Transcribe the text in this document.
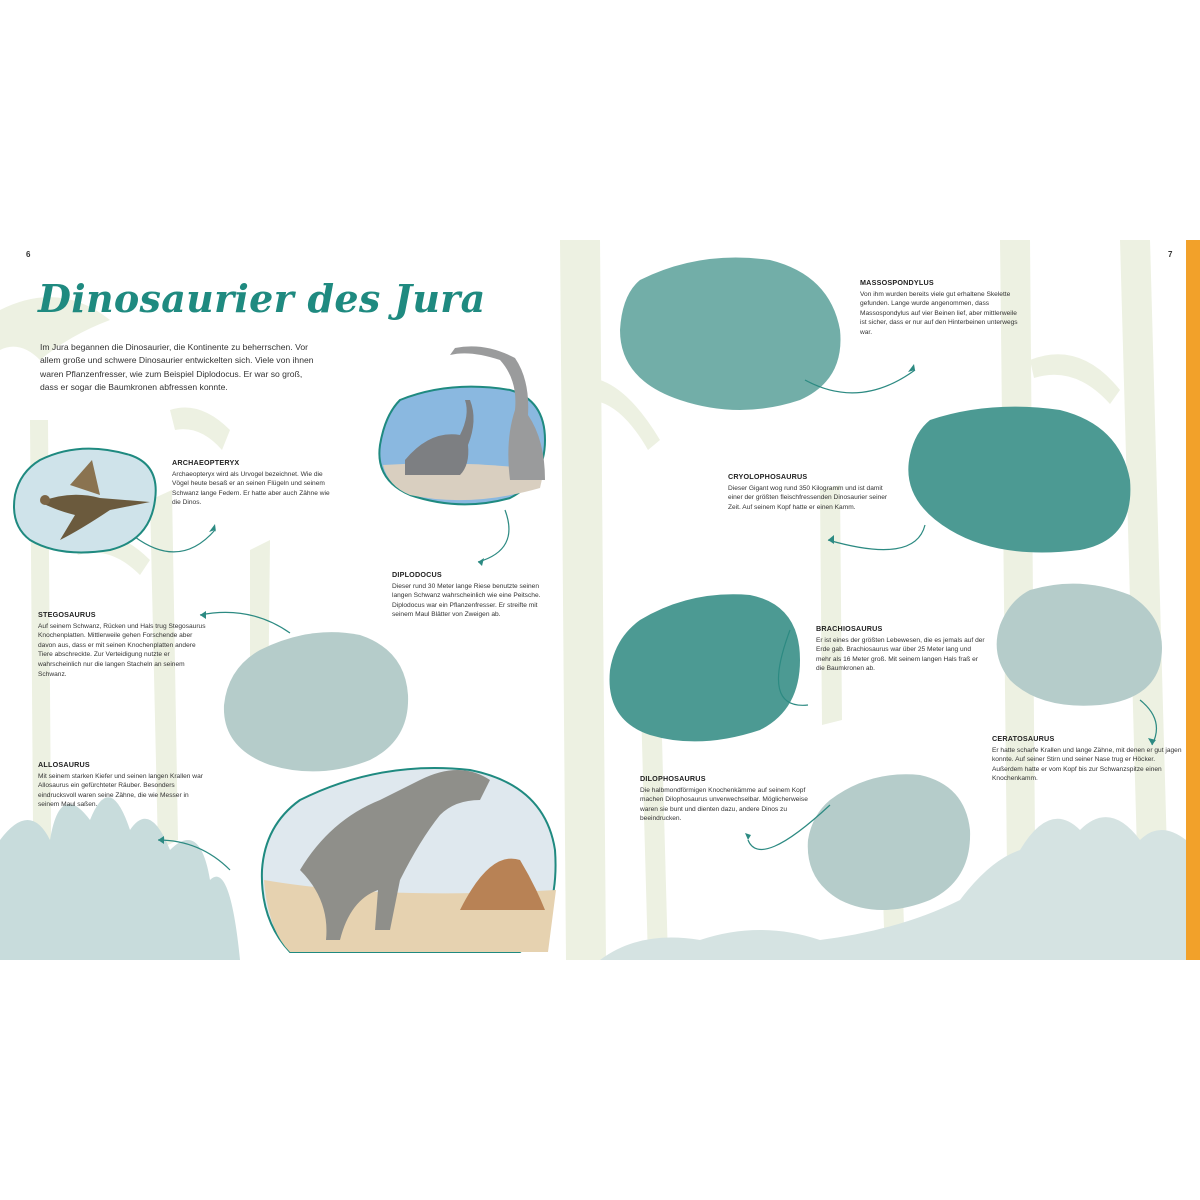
6	7
Dinosaurier des Jura

Im Jura begannen die Dinosaurier, die Kontinente zu beherrschen. Vor allem große und schwere Dinosaurier entwickelten sich. Viele von ihnen waren Pflanzenfresser, wie zum Beispiel Diplodocus. Er war so groß, dass er sogar die Baumkronen abfressen konnte.

ARCHAEOPTERYX

Archaeopteryx wird als Urvogel bezeichnet. Wie die Vögel heute besaß er an seinen Flügeln und seinem Schwanz lange Federn. Er hatte aber auch Zähne wie die Dinos.

DIPLODOCUS

Dieser rund 30 Meter lange Riese benutzte seinen langen Schwanz wahrscheinlich wie eine Peitsche. Diplodocus war ein Pflanzenfresser. Er streifte mit seinem Maul Blätter von Zweigen ab.

STEGOSAURUS

Auf seinem Schwanz, Rücken und Hals trug Stegosaurus Knochenplatten. Mittlerweile gehen Forschende aber davon aus, dass er mit seinen Knochenplatten andere Tiere abschreckte. Zur Verteidigung nutzte er wahrscheinlich nur die langen Stacheln an seinem Schwanz.

ALLOSAURUS

Mit seinem starken Kiefer und seinen langen Krallen war Allosaurus ein gefürchteter Räuber. Besonders eindrucksvoll waren seine Zähne, die wie Messer in seinem Maul saßen.

MASSOSPONDYLUS

Von ihm wurden bereits viele gut erhaltene Skelette gefunden. Lange wurde angenommen, dass Massospondylus auf vier Beinen lief, aber mittlerweile ist sicher, dass er nur auf den Hinterbeinen unterwegs war.

CRYOLOPHOSAURUS

Dieser Gigant wog rund 350 Kilogramm und ist damit einer der größten fleischfressenden Dinosaurier seiner Zeit. Auf seinem Kopf hatte er einen Kamm.

BRACHIOSAURUS

Er ist eines der größten Lebewesen, die es jemals auf der Erde gab. Brachiosaurus war über 25 Meter lang und mehr als 16 Meter groß. Mit seinem langen Hals fraß er die Baumkronen ab.

CERATOSAURUS

Er hatte scharfe Krallen und lange Zähne, mit denen er gut jagen konnte. Auf seiner Stirn und seiner Nase trug er Höcker. Außerdem hatte er vom Kopf bis zur Schwanzspitze einen Knochenkamm.

DILOPHOSAURUS

Die halbmondförmigen Knochenkämme auf seinem Kopf machen Dilophosaurus unverwechselbar. Möglicherweise waren sie bunt und dienten dazu, andere Dinos zu beeindrucken.
